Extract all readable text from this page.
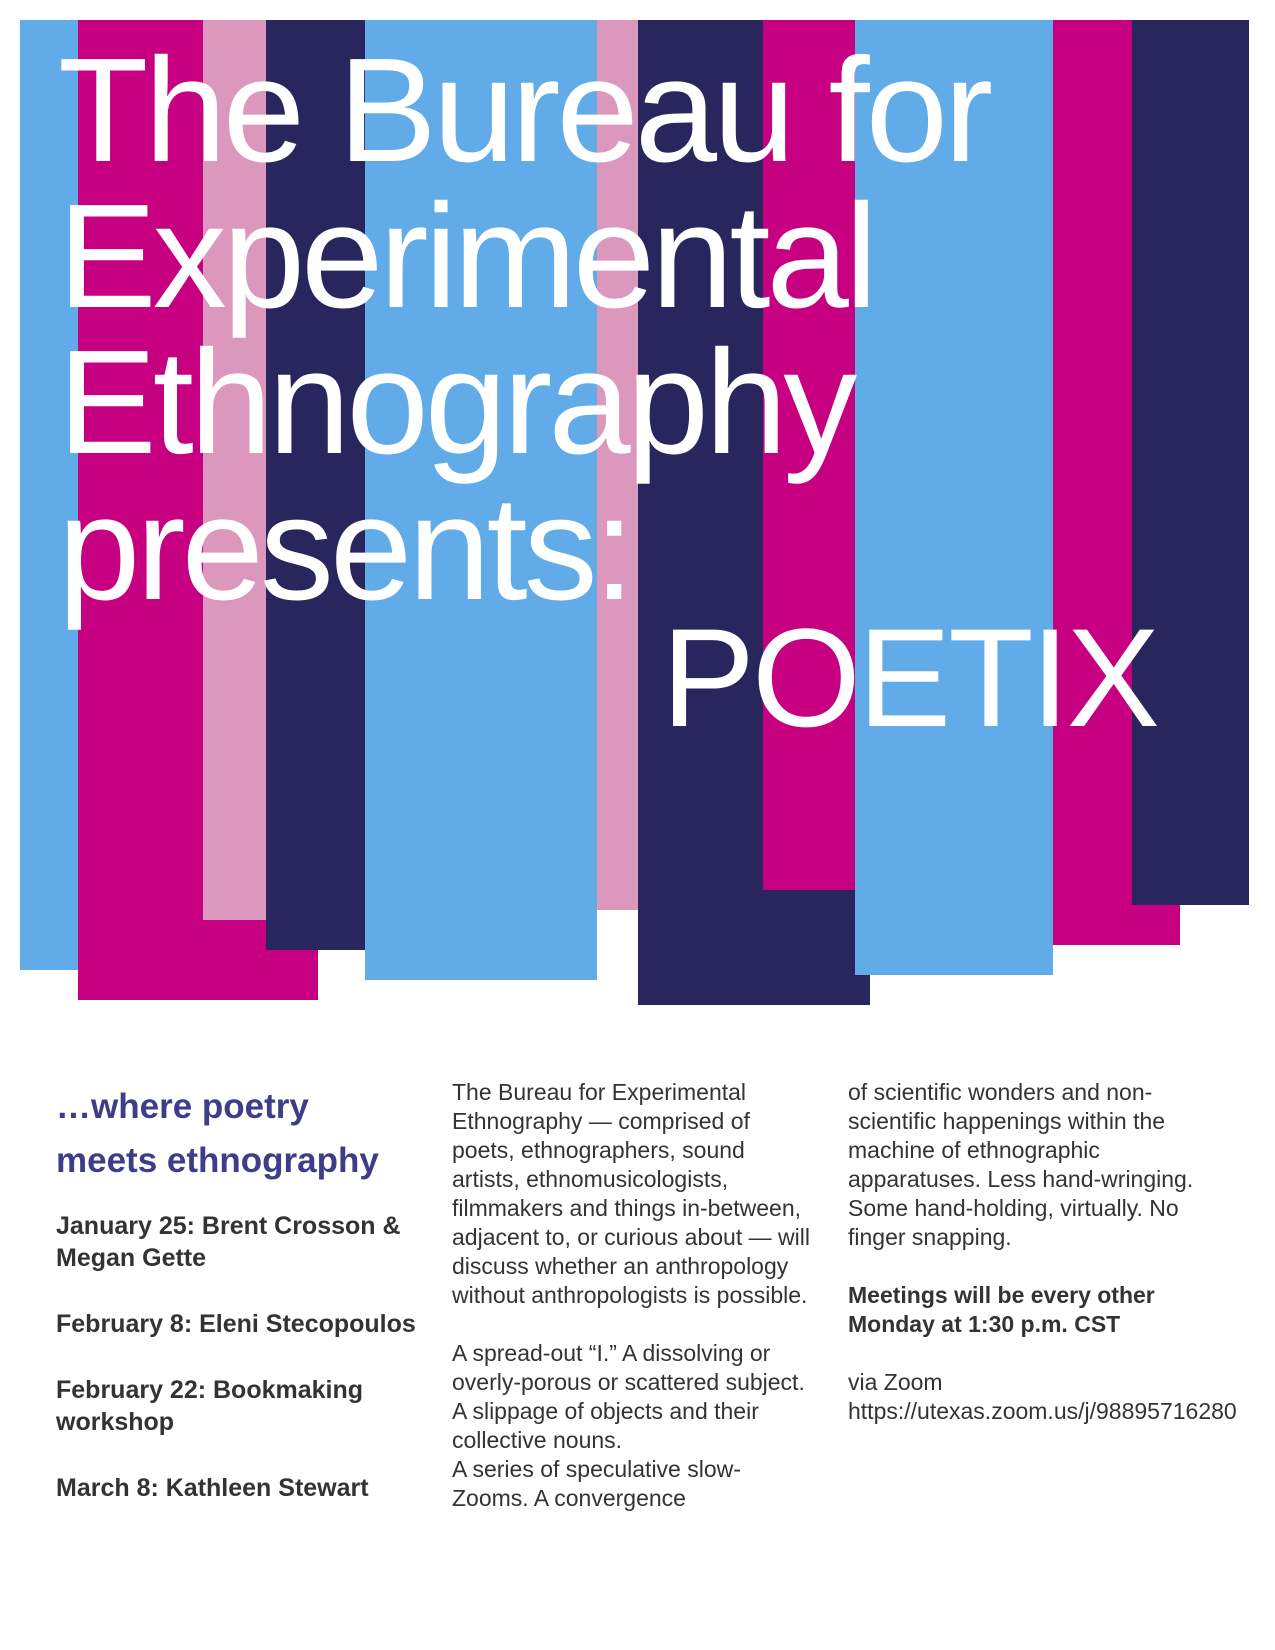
The Bureau for
Experimental
Ethnography
presents:
POETIX
…where poetry
meets ethnography
January 25: Brent Crosson & Megan Gette
February 8: Eleni Stecopoulos
February 22: Bookmaking workshop
March 8: Kathleen Stewart

The Bureau for Experimental Ethnography — comprised of poets, ethnographers, sound artists, ethnomusicologists, filmmakers and things in-between, adjacent to, or curious about — will discuss whether an anthropology without anthropologists is possible.

A spread-out “I.” A dissolving or overly-porous or scattered subject. A slippage of objects and their collective nouns.
A series of speculative slow-Zooms. A convergence

of scientific wonders and non-scientific happenings within the machine of ethnographic apparatuses. Less hand-wringing. Some hand-holding, virtually. No finger snapping.

Meetings will be every other
Monday at 1:30 p.m. CST

via Zoom https://utexas.zoom.us/j/98895716280
